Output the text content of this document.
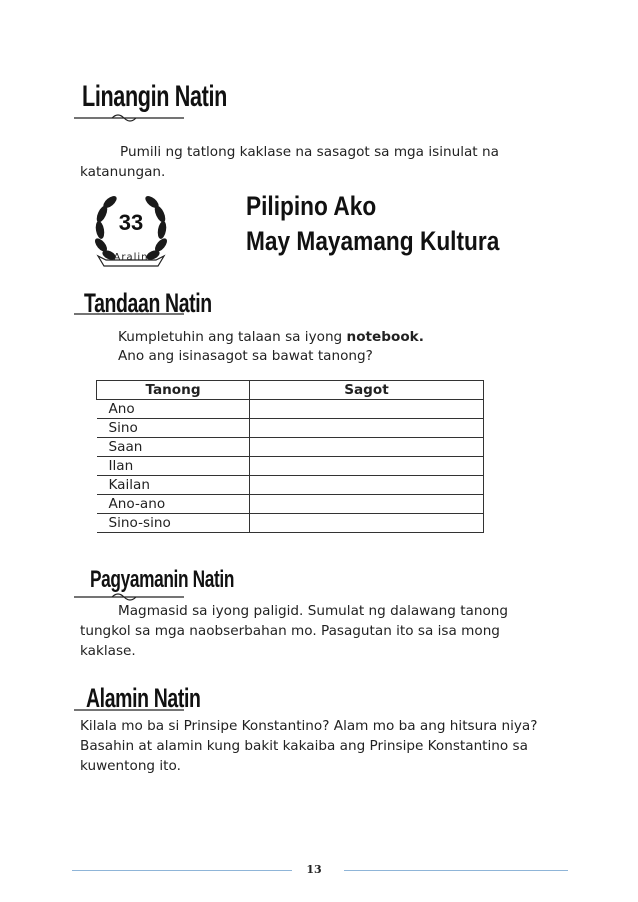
Linangin Natin
Pumili ng tatlong kaklase na sasagot sa mga isinulat na katanungan.
33
Aralin
Pilipino Ako
May Mayamang Kultura
Tandaan Natin
Kumpletuhin ang talaan sa iyong notebook.
Ano ang isinasagot sa bawat tanong?
Tanong	Sagot
Ano	
Sino	
Saan	
Ilan	
Kailan	
Ano-ano	
Sino-sino	
Pagyamanin Natin
Magmasid sa iyong paligid. Sumulat ng dalawang tanong tungkol sa mga naobserbahan mo. Pasagutan ito sa isa mong kaklase.
Alamin Natin
Kilala mo ba si Prinsipe Konstantino? Alam mo ba ang hitsura niya? Basahin at alamin kung bakit kakaiba ang Prinsipe Konstantino sa kuwentong ito.
13
